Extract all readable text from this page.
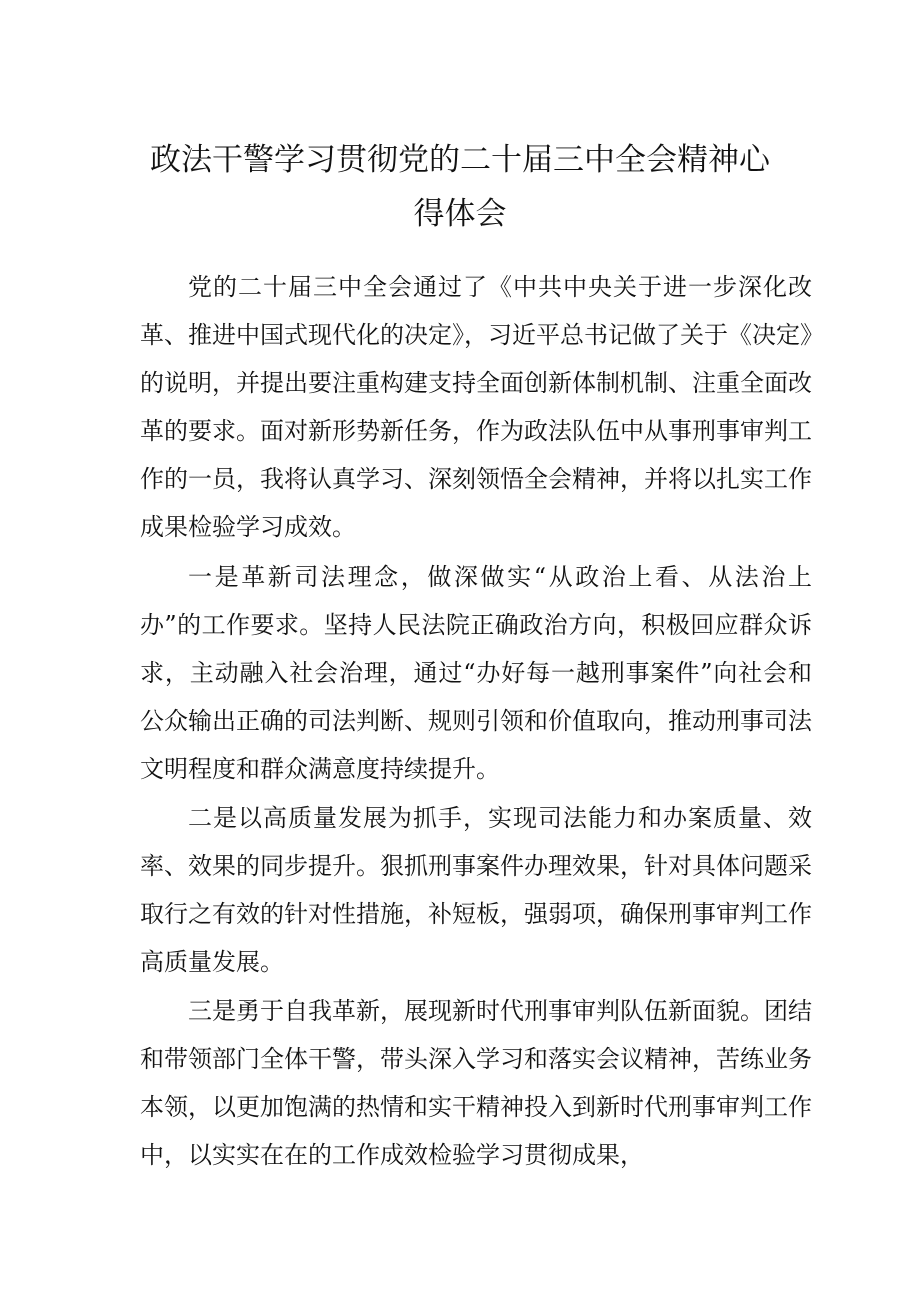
政法干警学习贯彻党的二十届三中全会精神心
得体会

党的二十届三中全会通过了《中共中央关于进一步深化改革、推进中国式现代化的决定》，习近平总书记做了关于《决定》的说明，并提出要注重构建支持全面创新体制机制、注重全面改革的要求。面对新形势新任务，作为政法队伍中从事刑事审判工作的一员，我将认真学习、深刻领悟全会精神，并将以扎实工作成果检验学习成效。

一是革新司法理念，做深做实“从政治上看、从法治上办”的工作要求。坚持人民法院正确政治方向，积极回应群众诉求，主动融入社会治理，通过“办好每一越刑事案件”向社会和公众输出正确的司法判断、规则引领和价值取向，推动刑事司法文明程度和群众满意度持续提升。

二是以高质量发展为抓手，实现司法能力和办案质量、效率、效果的同步提升。狠抓刑事案件办理效果，针对具体问题采取行之有效的针对性措施，补短板，强弱项，确保刑事审判工作高质量发展。

三是勇于自我革新，展现新时代刑事审判队伍新面貌。团结和带领部门全体干警，带头深入学习和落实会议精神，苦练业务本领，以更加饱满的热情和实干精神投入到新时代刑事审判工作中，以实实在在的工作成效检验学习贯彻成果，
